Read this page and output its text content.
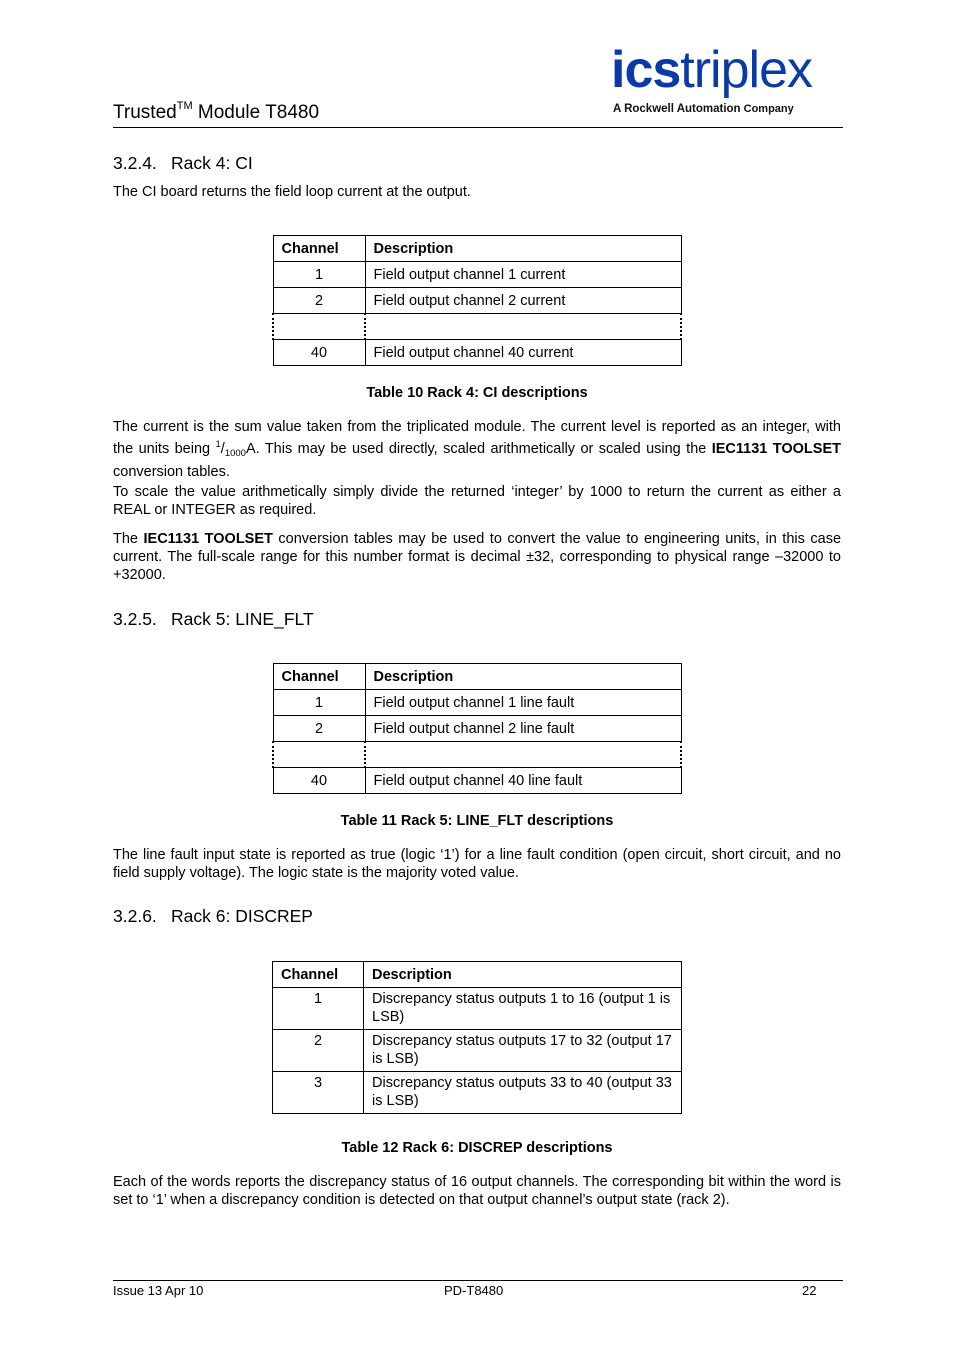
Trusted™ Module T8480
icstriplex
A Rockwell Automation Company
3.2.4. Rack 4: CI
The CI board returns the field loop current at the output.
Channel	Description
1	Field output channel 1 current
2	Field output channel 2 current

40	Field output channel 40 current
Table 10 Rack 4: CI descriptions
The current is the sum value taken from the triplicated module. The current level is reported as an integer, with the units being $^1/_{1000}A$. This may be used directly, scaled arithmetically or scaled using the IEC1131 TOOLSET conversion tables.
To scale the value arithmetically simply divide the returned ‘integer’ by 1000 to return the current as either a REAL or INTEGER as required.
The IEC1131 TOOLSET conversion tables may be used to convert the value to engineering units, in this case current. The full-scale range for this number format is decimal ±32, corresponding to physical range –32000 to +32000.
3.2.5. Rack 5: LINE_FLT
Channel	Description
1	Field output channel 1 line fault
2	Field output channel 2 line fault

40	Field output channel 40 line fault
Table 11 Rack 5: LINE_FLT descriptions
The line fault input state is reported as true (logic ‘1’) for a line fault condition (open circuit, short circuit, and no field supply voltage). The logic state is the majority voted value.
3.2.6. Rack 6: DISCREP
Channel	Description
1	Discrepancy status outputs 1 to 16 (output 1 is LSB)
2	Discrepancy status outputs 17 to 32 (output 17 is LSB)
3	Discrepancy status outputs 33 to 40 (output 33 is LSB)
Table 12 Rack 6: DISCREP descriptions
Each of the words reports the discrepancy status of 16 output channels. The corresponding bit within the word is set to ‘1’ when a discrepancy condition is detected on that output channel’s output state (rack 2).
Issue 13 Apr 10	PD-T8480	22
